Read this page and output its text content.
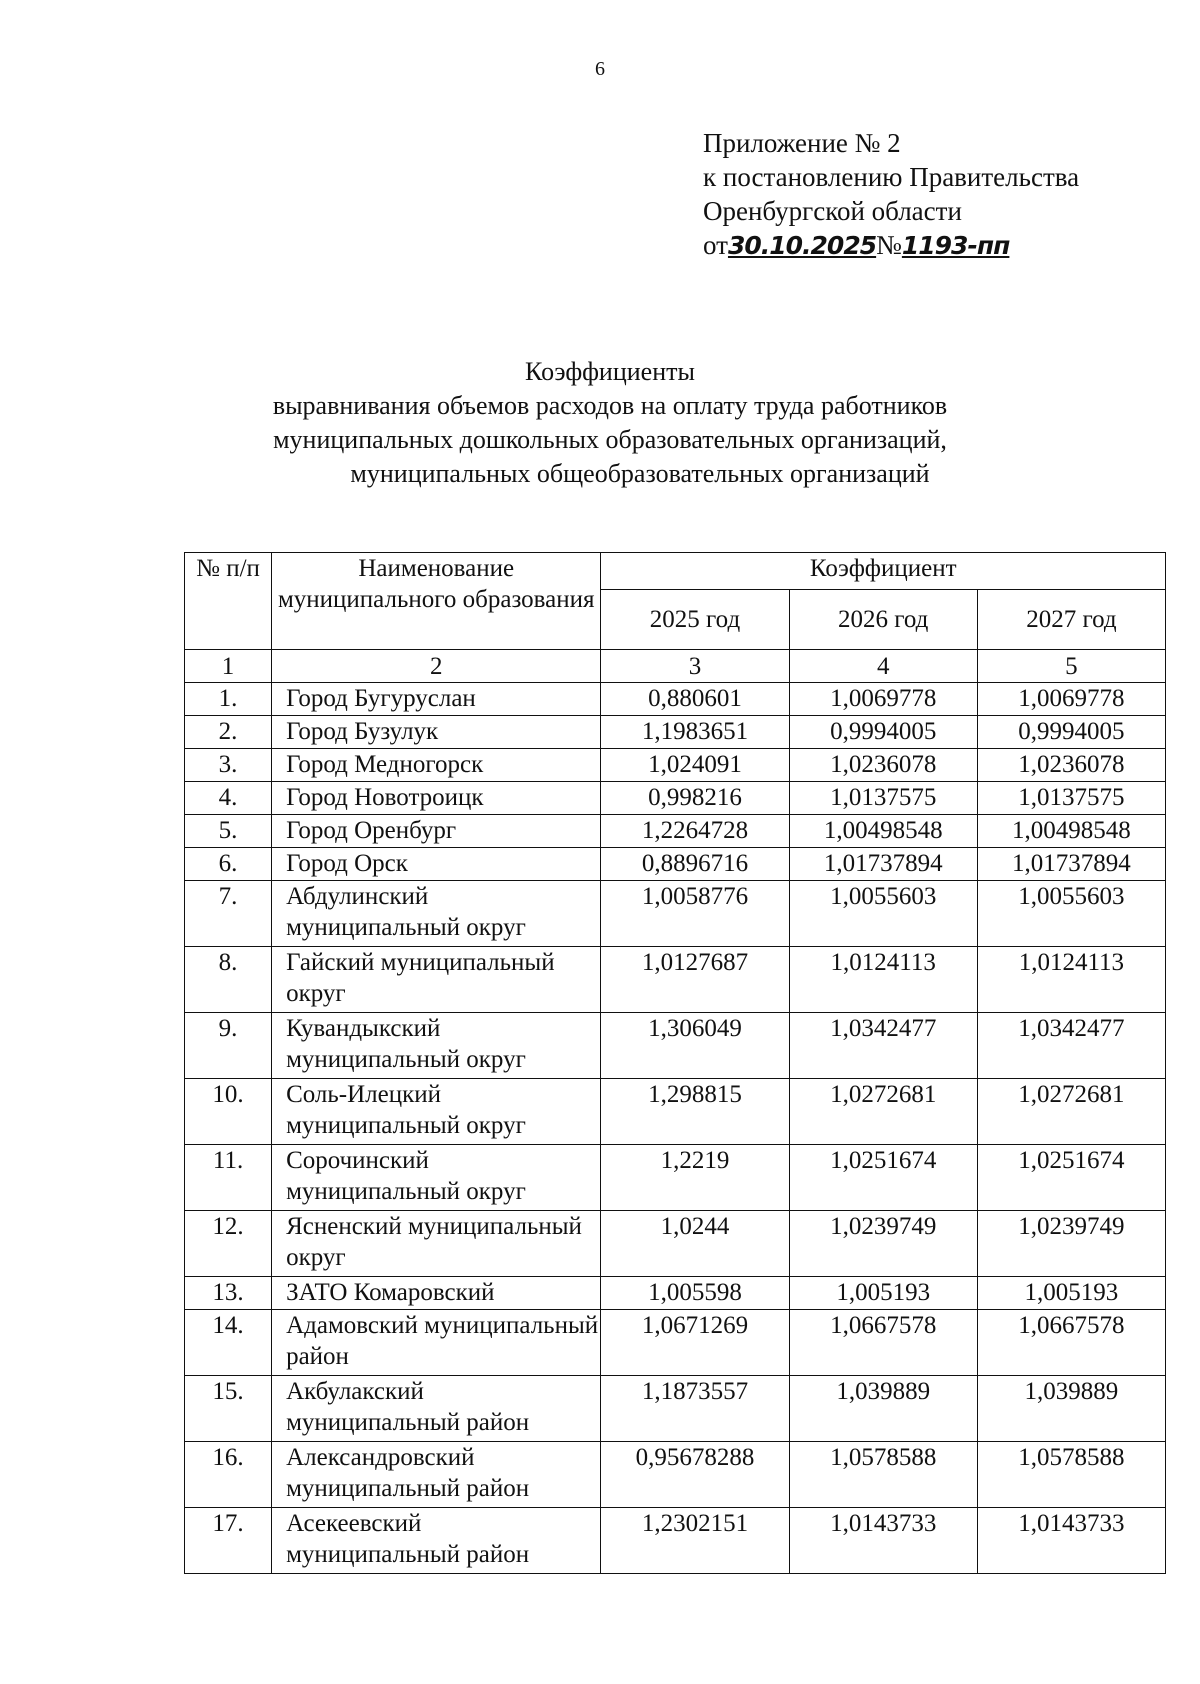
6
Приложение № 2
к постановлению Правительства
Оренбургской области
от30.10.2025№1193-пп
Коэффициенты
выравнивания объемов расходов на оплату труда работников
муниципальных дошкольных образовательных организаций,
муниципальных общеобразовательных организаций
№ п/п	Наименование муниципального образования	Коэффициент		
		2025 год	2026 год	2027 год
1	2	3	4	5
1.	Город Бугуруслан	0,880601	1,0069778	1,0069778
2.	Город Бузулук	1,1983651	0,9994005	0,9994005
3.	Город Медногорск	1,024091	1,0236078	1,0236078
4.	Город Новотроицк	0,998216	1,0137575	1,0137575
5.	Город Оренбург	1,2264728	1,00498548	1,00498548
6.	Город Орск	0,8896716	1,01737894	1,01737894
7.	Абдулинский муниципальный округ	1,0058776	1,0055603	1,0055603
8.	Гайский муниципальный округ	1,0127687	1,0124113	1,0124113
9.	Кувандыкский муниципальный округ	1,306049	1,0342477	1,0342477
10.	Соль-Илецкий муниципальный округ	1,298815	1,0272681	1,0272681
11.	Сорочинский муниципальный округ	1,2219	1,0251674	1,0251674
12.	Ясненский муниципальный округ	1,0244	1,0239749	1,0239749
13.	ЗАТО Комаровский	1,005598	1,005193	1,005193
14.	Адамовский муниципальный район	1,0671269	1,0667578	1,0667578
15.	Акбулакский муниципальный район	1,1873557	1,039889	1,039889
16.	Александровский муниципальный район	0,95678288	1,0578588	1,0578588
17.	Асекеевский муниципальный район	1,2302151	1,0143733	1,0143733
